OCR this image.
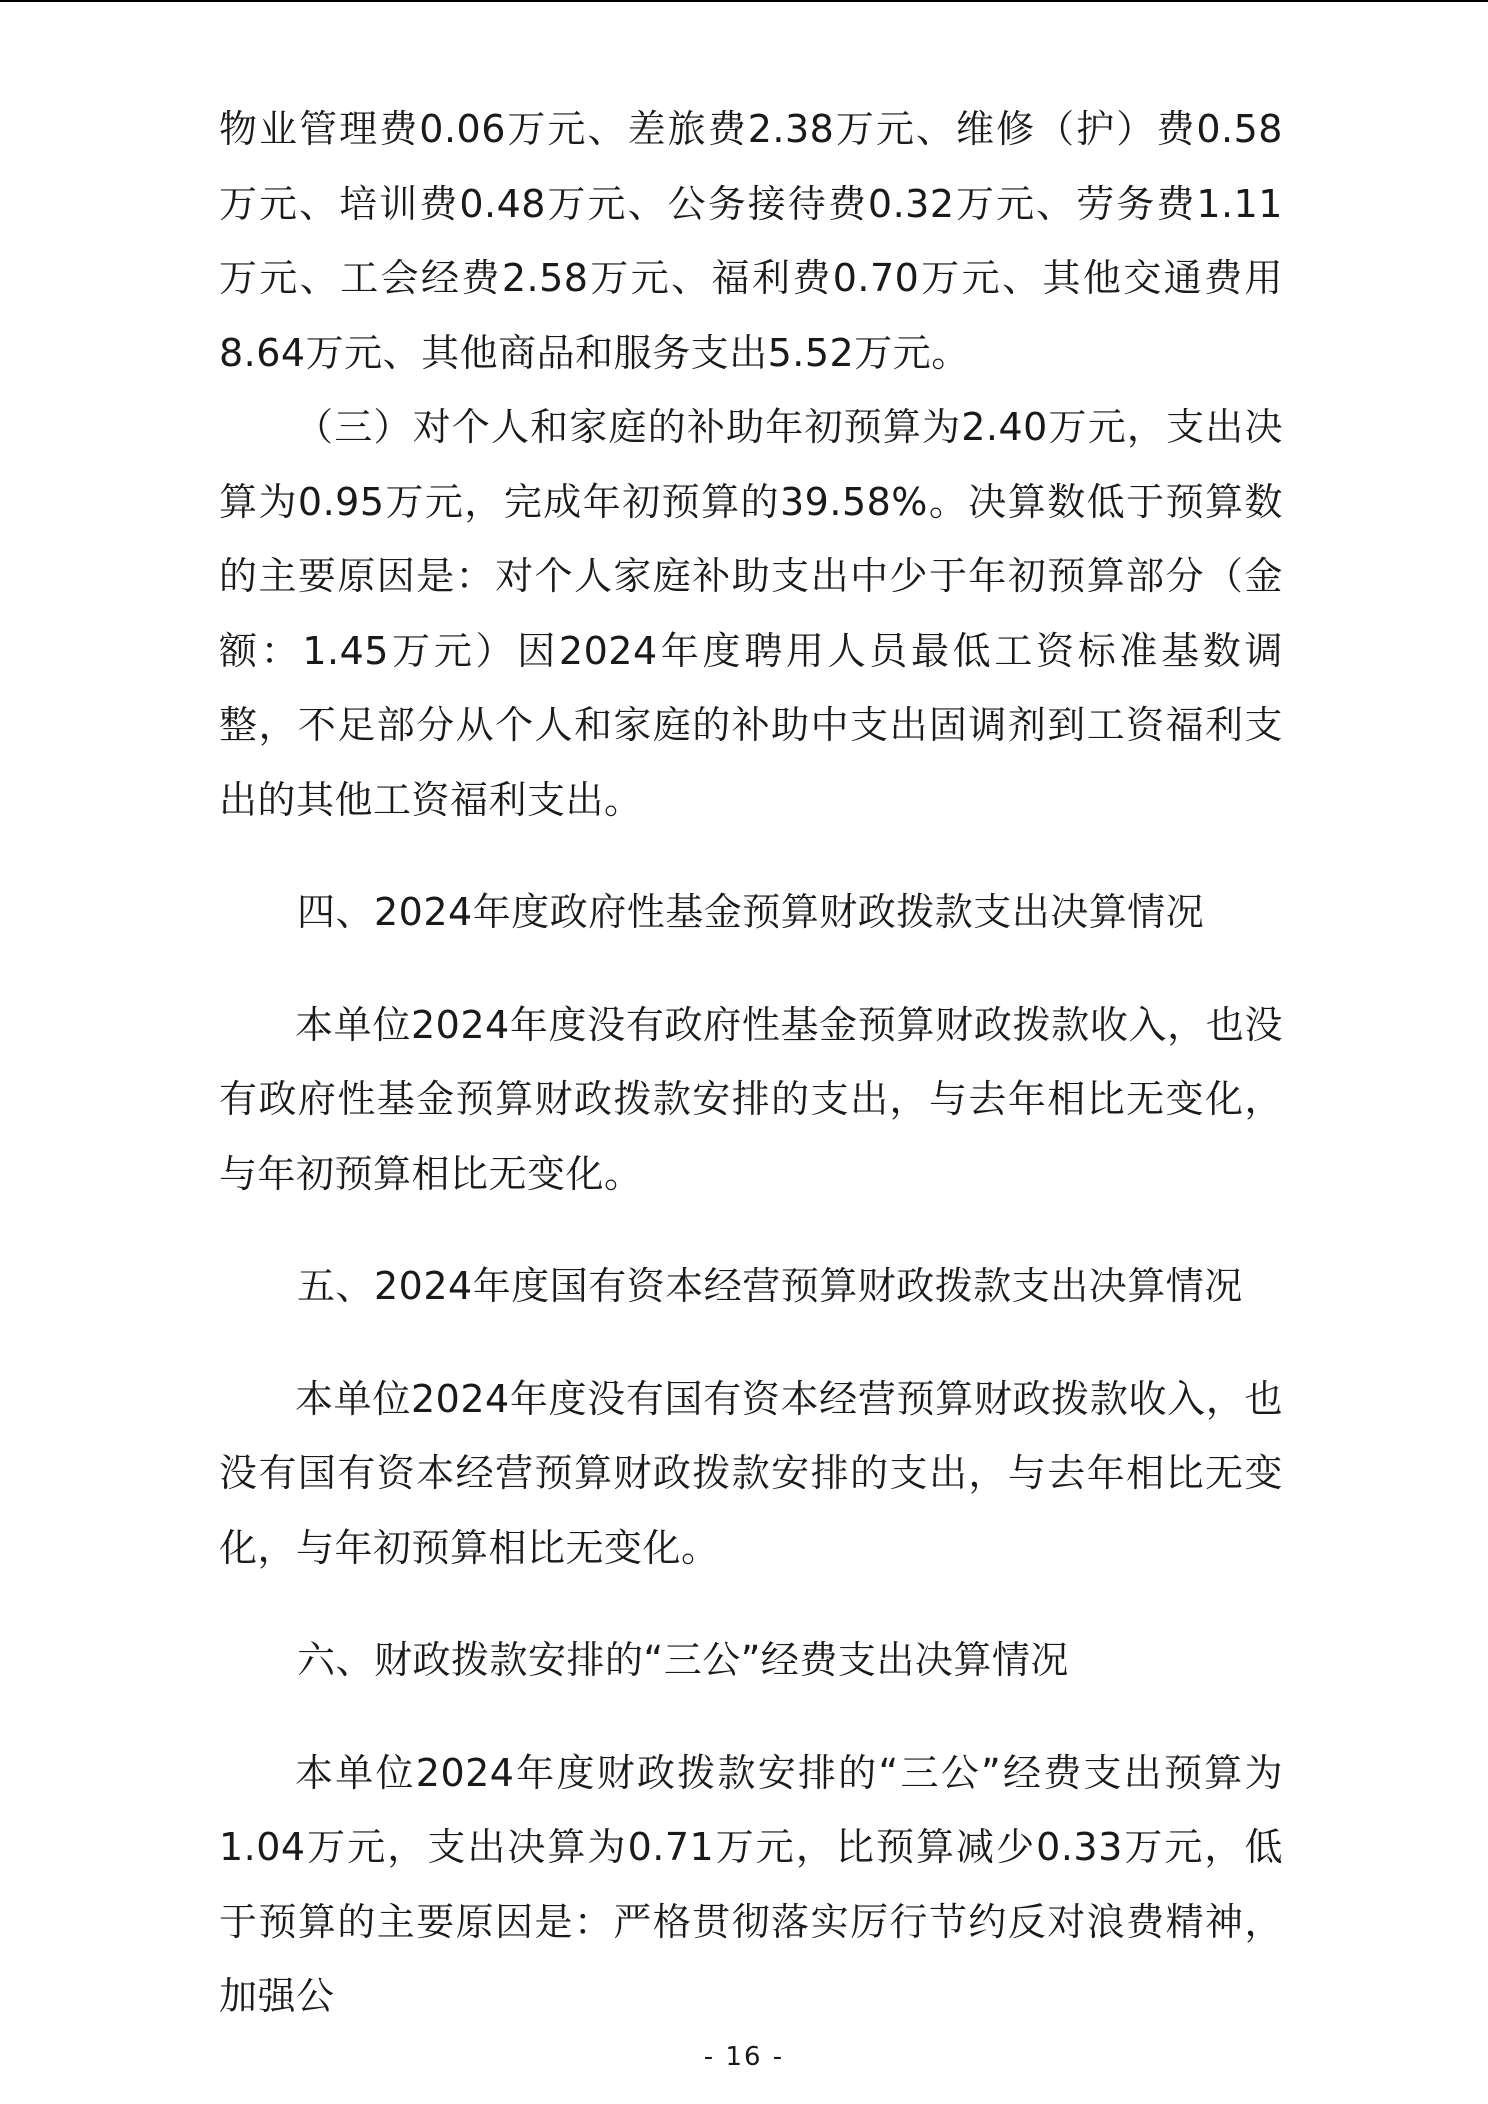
物业管理费0.06万元、差旅费2.38万元、维修（护）费0.58万元、培训费0.48万元、公务接待费0.32万元、劳务费1.11万元、工会经费2.58万元、福利费0.70万元、其他交通费用8.64万元、其他商品和服务支出5.52万元。

（三）对个人和家庭的补助年初预算为2.40万元，支出决算为0.95万元，完成年初预算的39.58%。决算数低于预算数的主要原因是：对个人家庭补助支出中少于年初预算部分（金额：1.45万元）因2024年度聘用人员最低工资标准基数调整，不足部分从个人和家庭的补助中支出固调剂到工资福利支出的其他工资福利支出。

四、2024年度政府性基金预算财政拨款支出决算情况

本单位2024年度没有政府性基金预算财政拨款收入，也没有政府性基金预算财政拨款安排的支出，与去年相比无变化，与年初预算相比无变化。

五、2024年度国有资本经营预算财政拨款支出决算情况

本单位2024年度没有国有资本经营预算财政拨款收入，也没有国有资本经营预算财政拨款安排的支出，与去年相比无变化，与年初预算相比无变化。

六、财政拨款安排的“三公”经费支出决算情况

本单位2024年度财政拨款安排的“三公”经费支出预算为1.04万元，支出决算为0.71万元，比预算减少0.33万元，低于预算的主要原因是：严格贯彻落实厉行节约反对浪费精神，加强公

- 16 -
